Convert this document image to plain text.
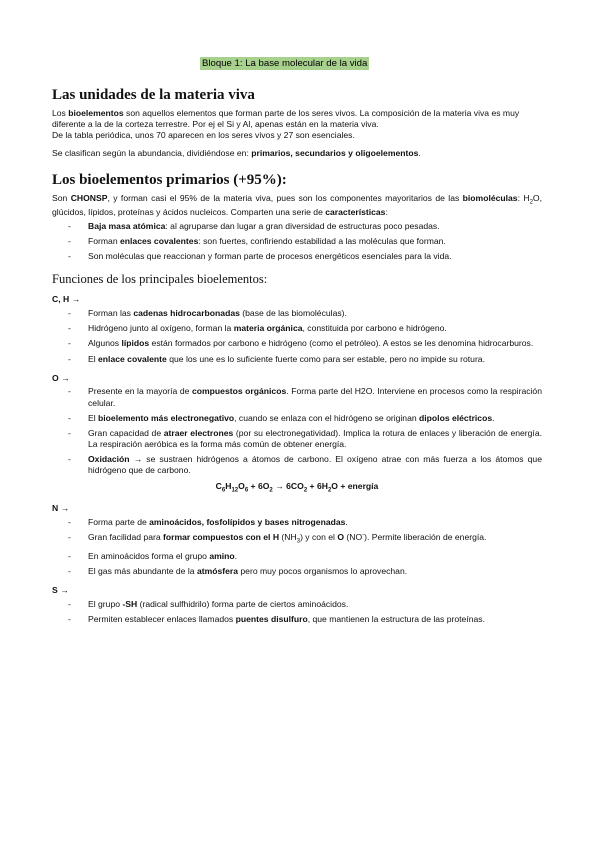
Bloque 1: La base molecular de la vida
Las unidades de la materia viva

Los bioelementos son aquellos elementos que forman parte de los seres vivos. La composición de la materia viva es muy diferente a la de la corteza terrestre. Por ej el Si y Al, apenas están en la materia viva.

De la tabla periódica, unos 70 aparecen en los seres vivos y 27 son esenciales.

Se clasifican según la abundancia, dividiéndose en: primarios, secundarios y oligoelementos.

Los bioelementos primarios (+95%):

Son CHONSP, y forman casi el 95% de la materia viva, pues son los componentes mayoritarios de las biomoléculas: $H_2O$, glúcidos, lípidos, proteínas y ácidos nucleicos. Comparten una serie de características:

- Baja masa atómica: al agruparse dan lugar a gran diversidad de estructuras poco pesadas.
- Forman enlaces covalentes: son fuertes, confiriendo estabilidad a las moléculas que forman.
- Son moléculas que reaccionan y forman parte de procesos energéticos esenciales para la vida.
Funciones de los principales bioelementos:
C, H →
- Forman las cadenas hidrocarbonadas (base de las biomoléculas).
- Hidrógeno junto al oxígeno, forman la materia orgánica, constituida por carbono e hidrógeno.
- Algunos lípidos están formados por carbono e hidrógeno (como el petróleo). A estos se les denomina hidrocarburos.
- El enlace covalente que los une es lo suficiente fuerte como para ser estable, pero no impide su rotura.
O →
- Presente en la mayoría de compuestos orgánicos. Forma parte del H2O. Interviene en procesos como la respiración celular.
- El bioelemento más electronegativo, cuando se enlaza con el hidrógeno se originan dipolos eléctricos.
- Gran capacidad de atraer electrones (por su electronegatividad). Implica la rotura de enlaces y liberación de energía. La respiración aeróbica es la forma más común de obtener energía.
- Oxidación → se sustraen hidrógenos a átomos de carbono. El oxígeno atrae con más fuerza a los átomos que hidrógeno que de carbono.
$C_6H_{12}O_6 + 6O_2 \to 6CO_2 + 6H_2O$ + energía
N →
- Forma parte de aminoácidos, fosfolípidos y bases nitrogenadas.
- Gran facilidad para formar compuestos con el H $(NH_3)$ y con el O (NO-). Permite liberación de energía.
- En aminoácidos forma el grupo amino.
- El gas más abundante de la atmósfera pero muy pocos organismos lo aprovechan.
S →
- El grupo -SH (radical sulfhidrilo) forma parte de ciertos aminoácidos.
- Permiten establecer enlaces llamados puentes disulfuro, que mantienen la estructura de las proteínas.
